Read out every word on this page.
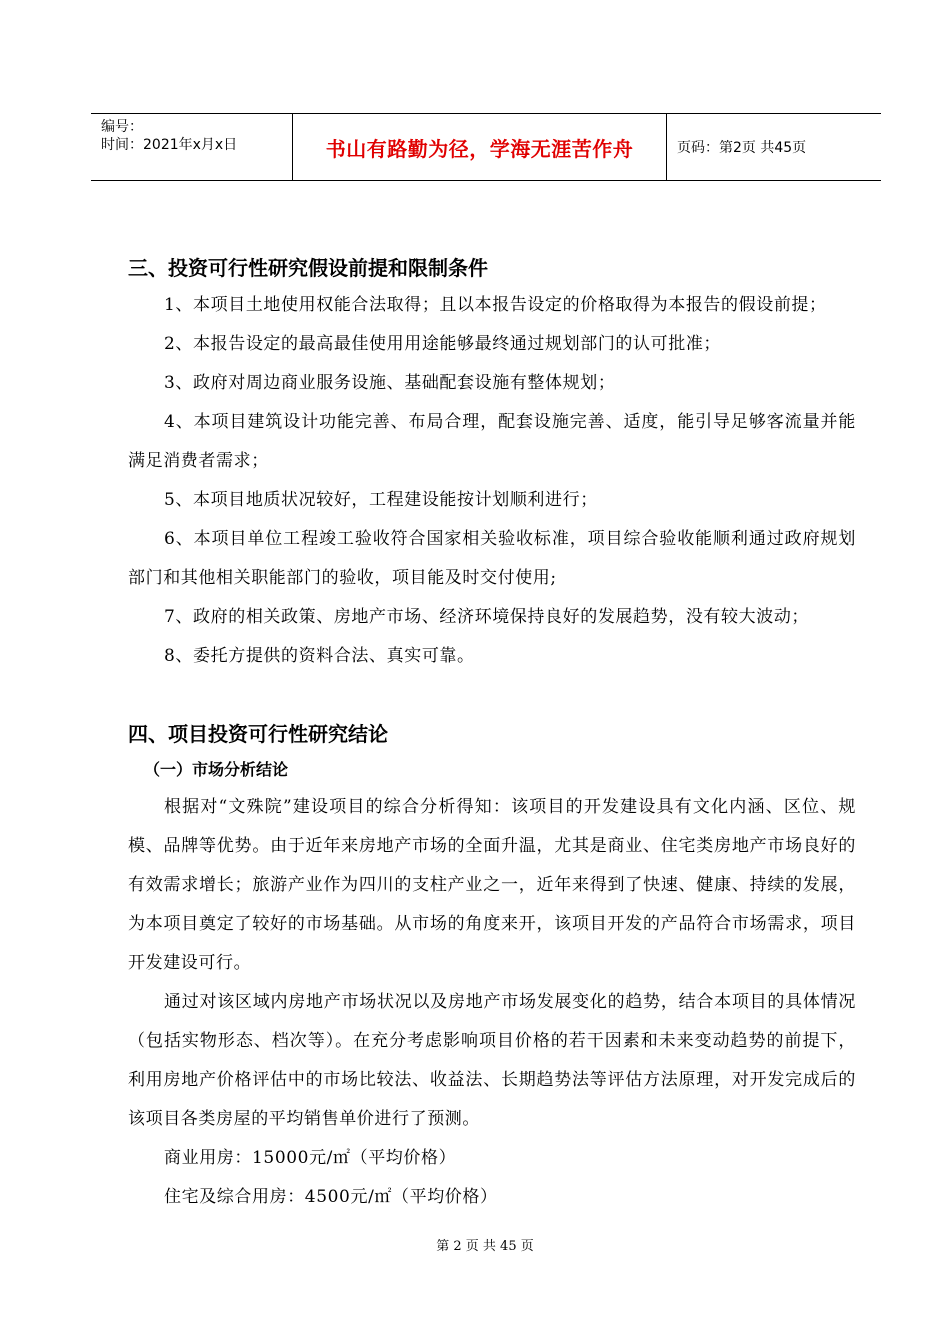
编号：
时间：2021年x月x日	书山有路勤为径，学海无涯苦作舟	页码：第2页 共45页
三、投资可行性研究假设前提和限制条件

1、本项目土地使用权能合法取得；且以本报告设定的价格取得为本报告的假设前提；

2、本报告设定的最高最佳使用用途能够最终通过规划部门的认可批准；

3、政府对周边商业服务设施、基础配套设施有整体规划；

4、本项目建筑设计功能完善、布局合理，配套设施完善、适度，能引导足够客流量并能满足消费者需求；

5、本项目地质状况较好，工程建设能按计划顺利进行；

6、本项目单位工程竣工验收符合国家相关验收标准，项目综合验收能顺利通过政府规划部门和其他相关职能部门的验收，项目能及时交付使用;

7、政府的相关政策、房地产市场、经济环境保持良好的发展趋势，没有较大波动；

8、委托方提供的资料合法、真实可靠。

四、项目投资可行性研究结论
（一）市场分析结论

根据对“文殊院”建设项目的综合分析得知：该项目的开发建设具有文化内涵、区位、规模、品牌等优势。由于近年来房地产市场的全面升温，尤其是商业、住宅类房地产市场良好的有效需求增长；旅游产业作为四川的支柱产业之一，近年来得到了快速、健康、持续的发展，为本项目奠定了较好的市场基础。从市场的角度来开，该项目开发的产品符合市场需求，项目开发建设可行。

通过对该区域内房地产市场状况以及房地产市场发展变化的趋势，结合本项目的具体情况（包括实物形态、档次等）。在充分考虑影响项目价格的若干因素和未来变动趋势的前提下，利用房地产价格评估中的市场比较法、收益法、长期趋势法等评估方法原理，对开发完成后的该项目各类房屋的平均销售单价进行了预测。

商业用房：15000元/㎡（平均价格）

住宅及综合用房：4500元/㎡（平均价格）

第 2 页 共 45 页
